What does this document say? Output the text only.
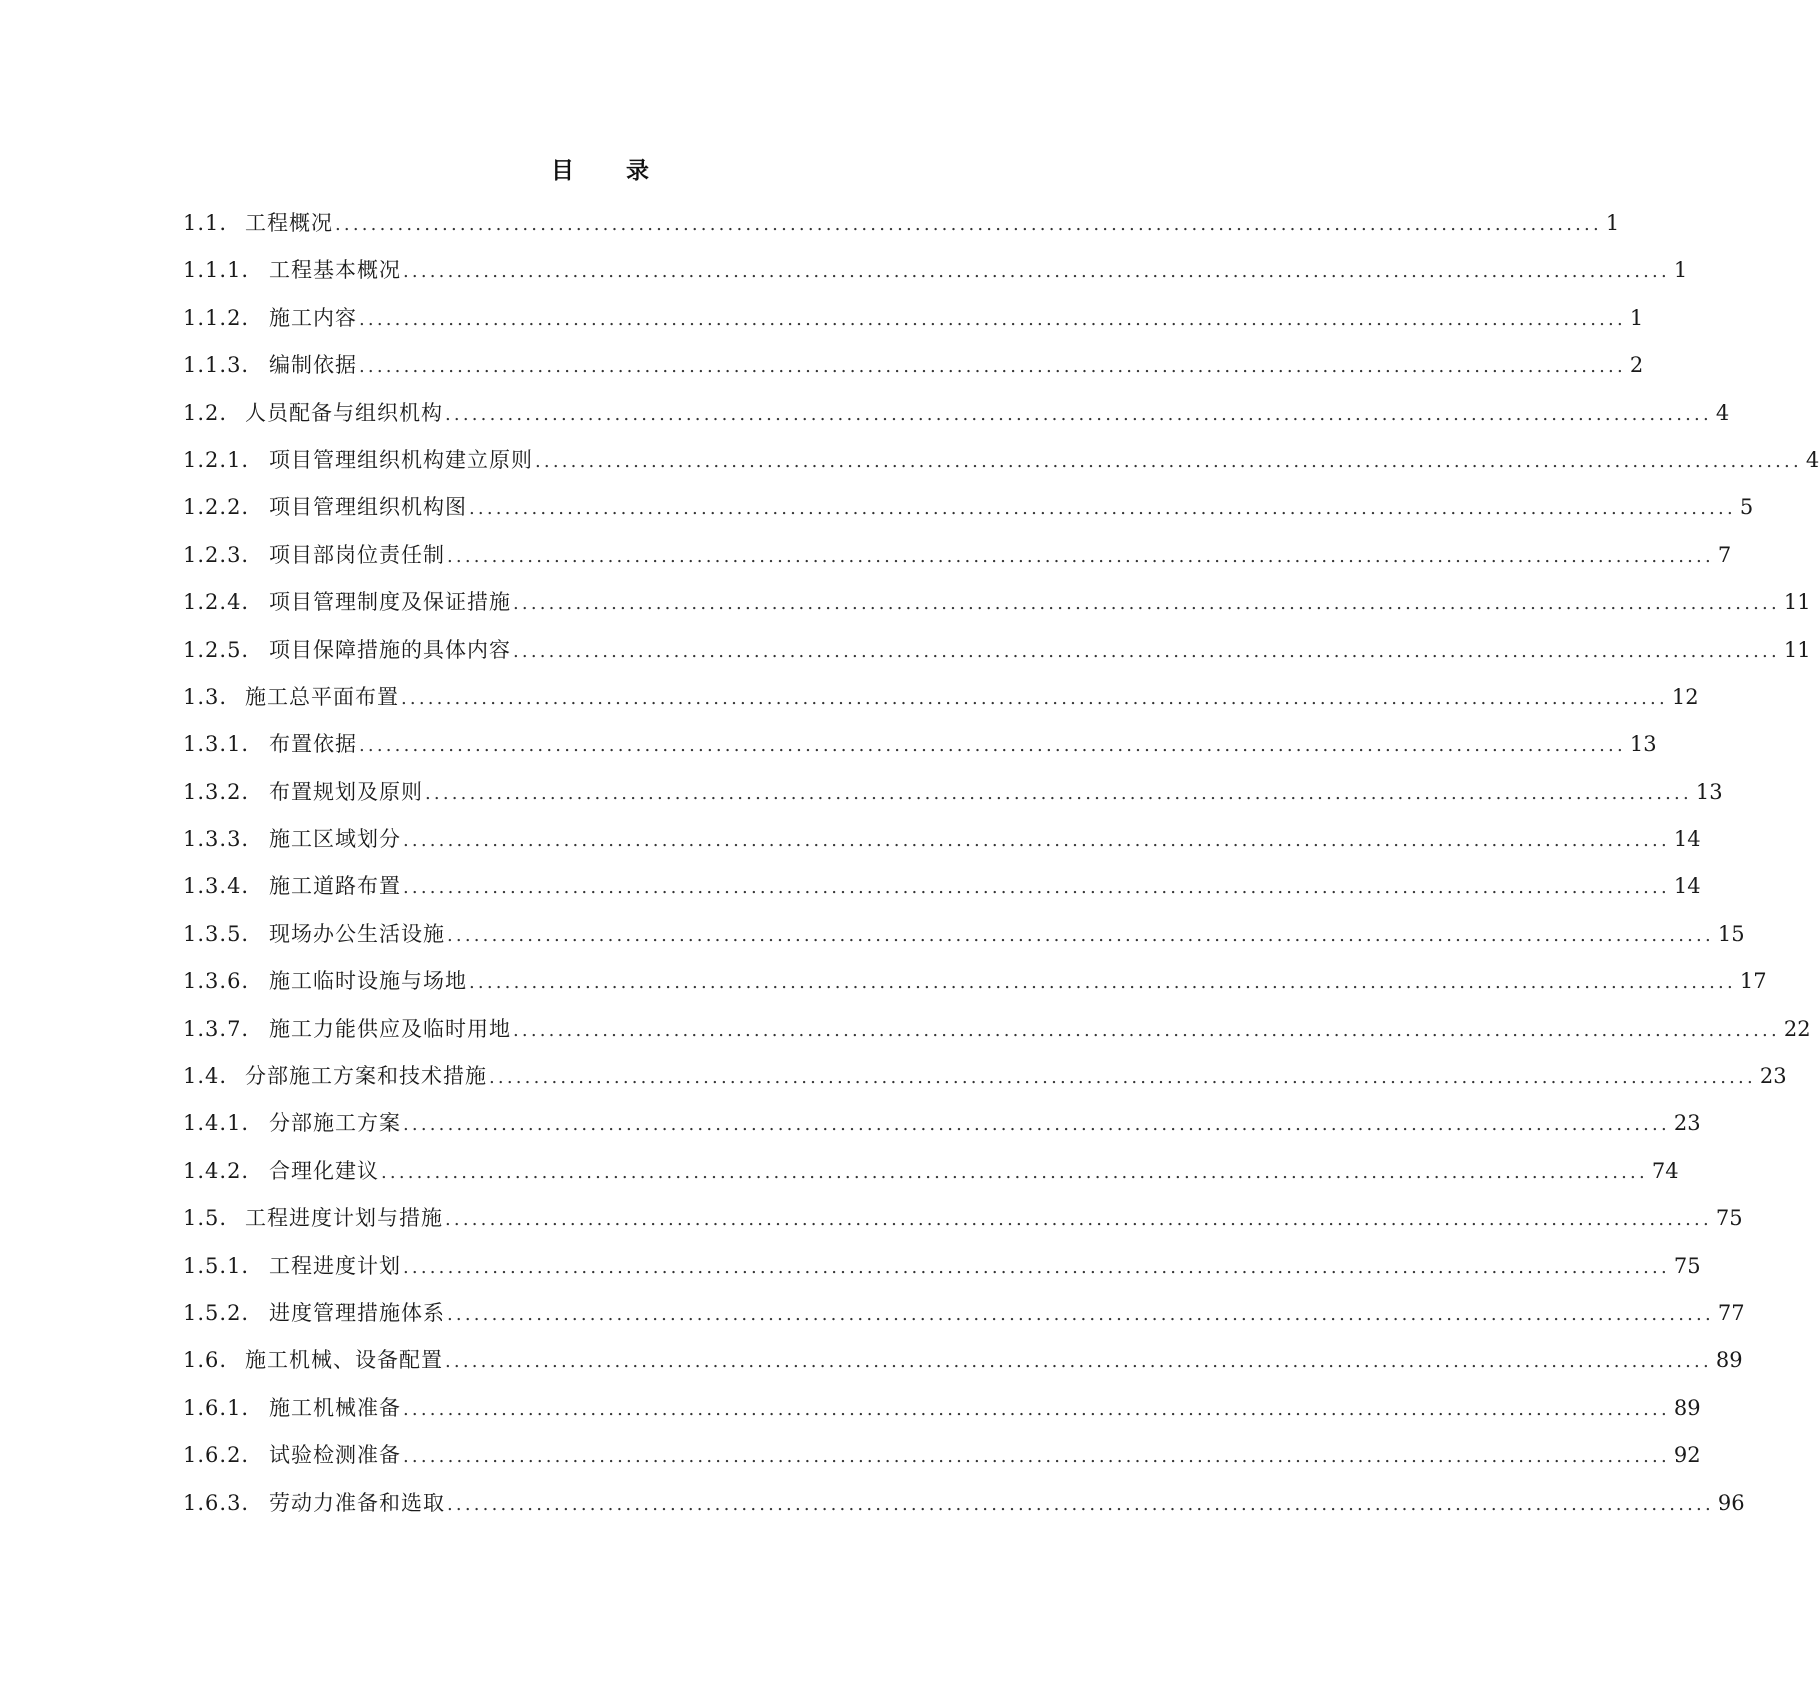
目 录
1.1. 工程概况 .............................................................................................................................................. 1
1.1.1. 工程基本概况 .............................................................................................................................................. 1
1.1.2. 施工内容 .............................................................................................................................................. 1
1.1.3. 编制依据 .............................................................................................................................................. 2
1.2. 人员配备与组织机构 .............................................................................................................................................. 4
1.2.1. 项目管理组织机构建立原则 .............................................................................................................................................. 4
1.2.2. 项目管理组织机构图 .............................................................................................................................................. 5
1.2.3. 项目部岗位责任制 .............................................................................................................................................. 7
1.2.4. 项目管理制度及保证措施 .............................................................................................................................................. 11
1.2.5. 项目保障措施的具体内容 .............................................................................................................................................. 11
1.3. 施工总平面布置 .............................................................................................................................................. 12
1.3.1. 布置依据 .............................................................................................................................................. 13
1.3.2. 布置规划及原则 .............................................................................................................................................. 13
1.3.3. 施工区域划分 .............................................................................................................................................. 14
1.3.4. 施工道路布置 .............................................................................................................................................. 14
1.3.5. 现场办公生活设施 .............................................................................................................................................. 15
1.3.6. 施工临时设施与场地 .............................................................................................................................................. 17
1.3.7. 施工力能供应及临时用地 .............................................................................................................................................. 22
1.4. 分部施工方案和技术措施 .............................................................................................................................................. 23
1.4.1. 分部施工方案 .............................................................................................................................................. 23
1.4.2. 合理化建议 .............................................................................................................................................. 74
1.5. 工程进度计划与措施 .............................................................................................................................................. 75
1.5.1. 工程进度计划 .............................................................................................................................................. 75
1.5.2. 进度管理措施体系 .............................................................................................................................................. 77
1.6. 施工机械、设备配置 .............................................................................................................................................. 89
1.6.1. 施工机械准备 .............................................................................................................................................. 89
1.6.2. 试验检测准备 .............................................................................................................................................. 92
1.6.3. 劳动力准备和选取 .............................................................................................................................................. 96
